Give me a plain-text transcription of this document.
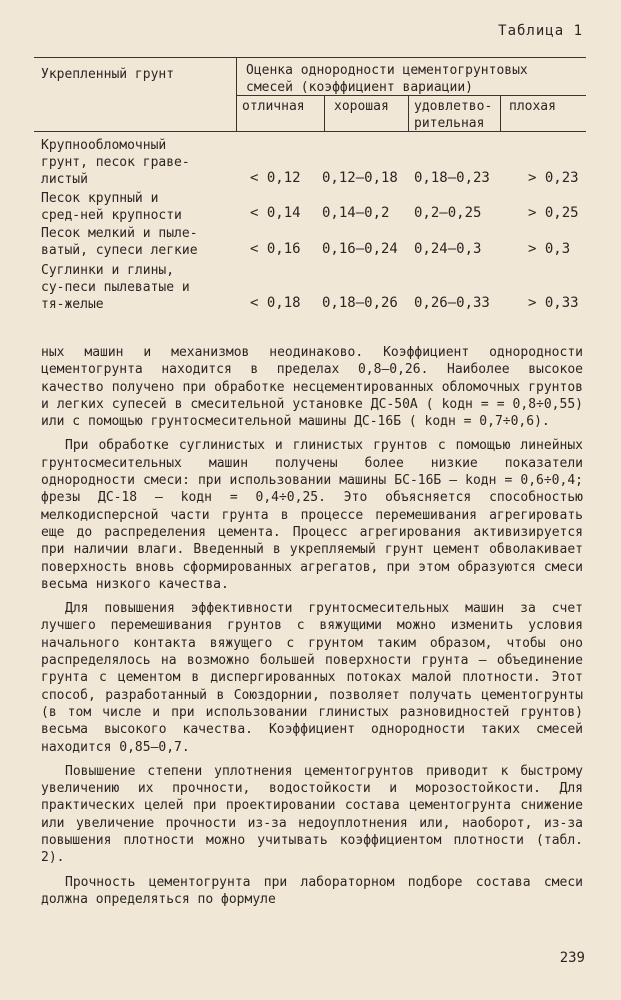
Таблица 1
Укрепленный грунт	Оценка однородности цементогрунтовых смесей (коэффициент вариации)
отличная хорошая удовлетво-рительная
плохая
Крупнообломочный грунт, песок граве-листый	< 0,12 0,12–0,18 0,18–0,23	> 0,23
Песок крупный и сред-ней крупности	< 0,14 0,14–0,2 0,2–0,25	> 0,25
Песок мелкий и пыле-ватый, супеси легкие	< 0,16 0,16–0,24 0,24–0,3	> 0,3
Суглинки и глины, су-песи пылеватые и тя-желые	< 0,18 0,18–0,26 0,26–0,33	> 0,33

ных машин и механизмов неодинаково. Коэффициент однородности цементогрунта находится в пределах 0,8–0,26. Наиболее высокое качество получено при обработке несцементированных обломочных грунтов и легких супесей в смесительной установке ДС-50А ( kодн = = 0,8÷0,55) или с помощью грунтосмесительной машины ДС-16Б ( kодн = 0,7÷0,6).

При обработке суглинистых и глинистых грунтов с помощью линейных грунтосмесительных машин получены более низкие показатели однородности смеси: при использовании машины БС-16Б – kодн = 0,6÷0,4; фрезы ДС-18 – kодн = 0,4÷0,25. Это объясняется способностью мелкодисперсной части грунта в процессе перемешивания агрегировать еще до распределения цемента. Процесс агрегирования активизируется при наличии влаги. Введенный в укрепляемый грунт цемент обволакивает поверхность вновь сформированных агрегатов, при этом образуются смеси весьма низкого качества.

Для повышения эффективности грунтосмесительных машин за счет лучшего перемешивания грунтов с вяжущими можно изменить условия начального контакта вяжущего с грунтом таким образом, чтобы оно распределялось на возможно большей поверхности грунта – объединение грунта с цементом в диспергированных потоках малой плотности. Этот способ, разработанный в Союздорнии, позволяет получать цементогрунты (в том числе и при использовании глинистых разновидностей грунтов) весьма высокого качества. Коэффициент однородности таких смесей находится 0,85–0,7.

Повышение степени уплотнения цементогрунтов приводит к быстрому увеличению их прочности, водостойкости и морозостойкости. Для практических целей при проектировании состава цементогрунта снижение или увеличение прочности из-за недоуплотнения или, наоборот, из-за повышения плотности можно учитывать коэффициентом плотности (табл. 2).

Прочность цементогрунта при лабораторном подборе состава смеси должна определяться по формуле

239
